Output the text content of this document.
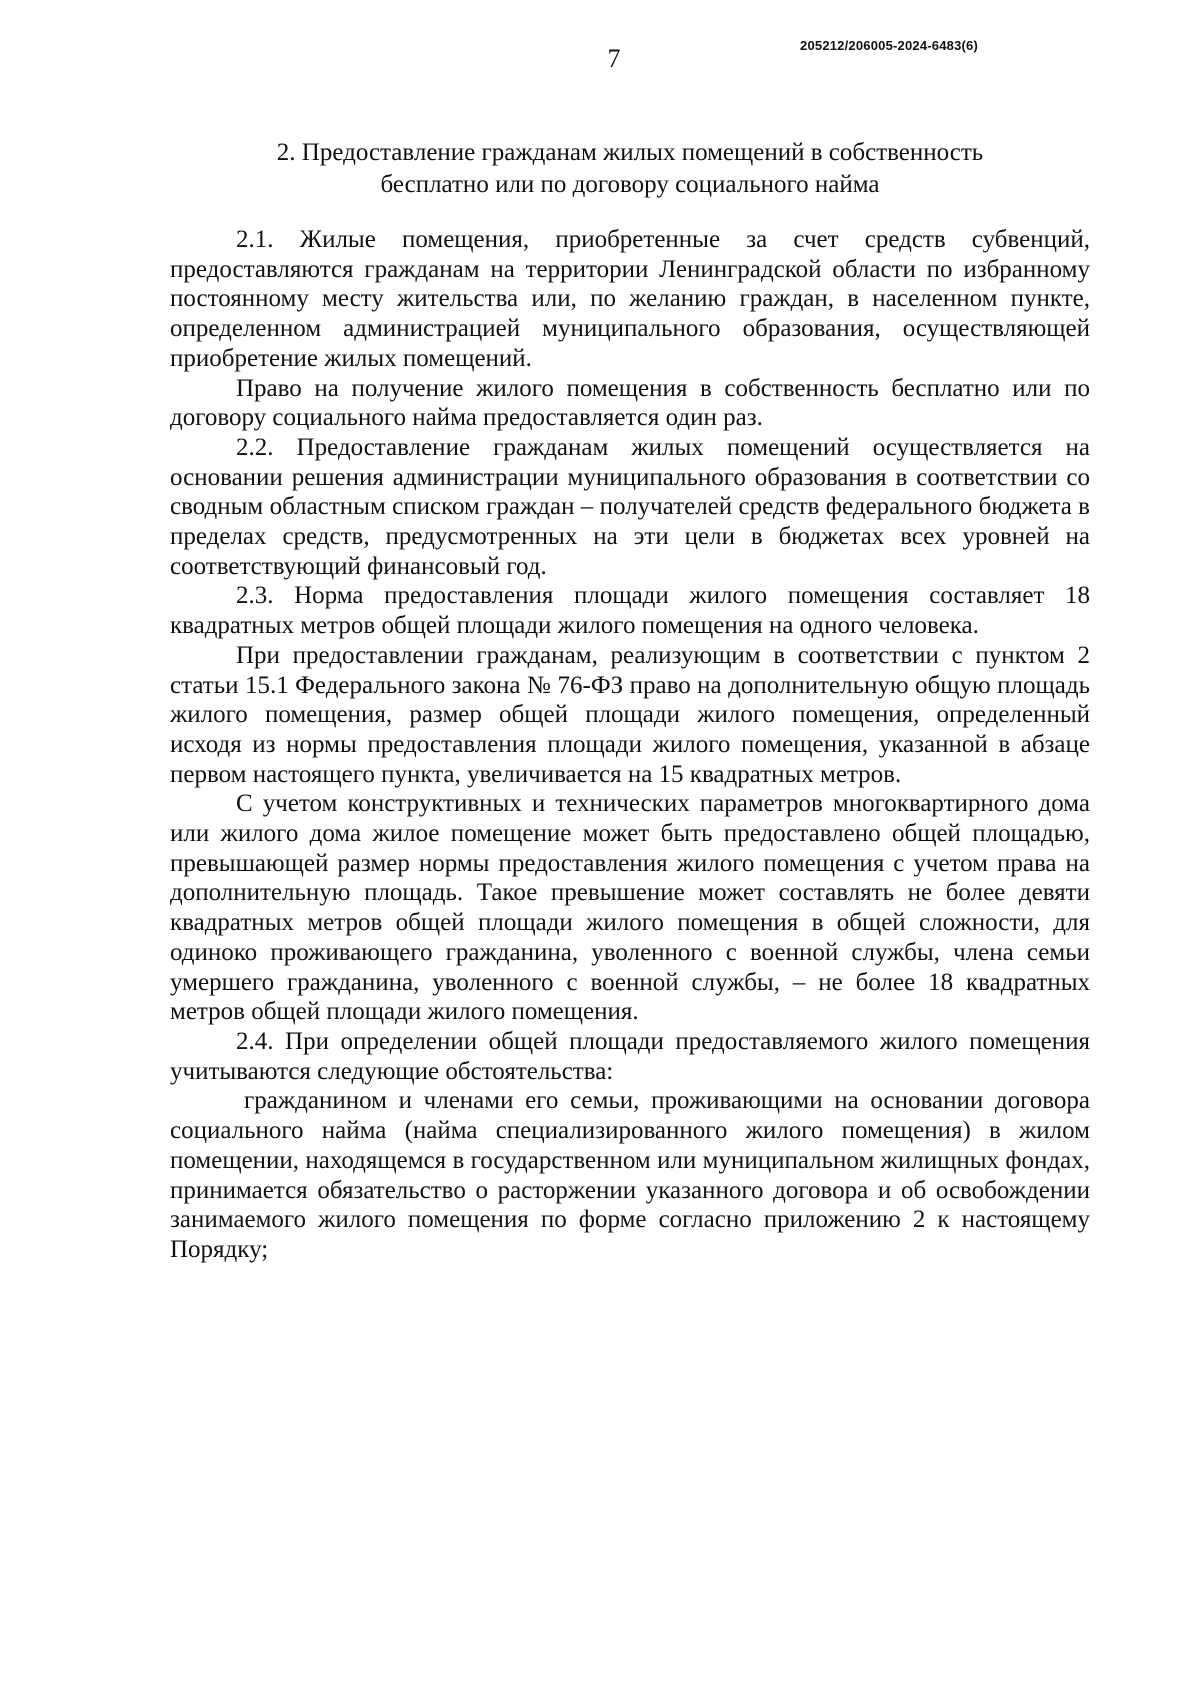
205212/206005-2024-6483(6)
7
2. Предоставление гражданам жилых помещений в собственность
бесплатно или по договору социального найма

2.1. Жилые помещения, приобретенные за счет средств субвенций, предоставляются гражданам на территории Ленинградской области по избранному постоянному месту жительства или, по желанию граждан, в населенном пункте, определенном администрацией муниципального образования, осуществляющей приобретение жилых помещений.

Право на получение жилого помещения в собственность бесплатно или по договору социального найма предоставляется один раз.

2.2. Предоставление гражданам жилых помещений осуществляется на основании решения администрации муниципального образования в соответствии со сводным областным списком граждан – получателей средств федерального бюджета в пределах средств, предусмотренных на эти цели в бюджетах всех уровней на соответствующий финансовый год.

2.3. Норма предоставления площади жилого помещения составляет 18 квадратных метров общей площади жилого помещения на одного человека.

При предоставлении гражданам, реализующим в соответствии с пунктом 2 статьи 15.1 Федерального закона № 76-ФЗ право на дополнительную общую площадь жилого помещения, размер общей площади жилого помещения, определенный исходя из нормы предоставления площади жилого помещения, указанной в абзаце первом настоящего пункта, увеличивается на 15 квадратных метров.

С учетом конструктивных и технических параметров многоквартирного дома или жилого дома жилое помещение может быть предоставлено общей площадью, превышающей размер нормы предоставления жилого помещения с учетом права на дополнительную площадь. Такое превышение может составлять не более девяти квадратных метров общей площади жилого помещения в общей сложности, для одиноко проживающего гражданина, уволенного с военной службы, члена семьи умершего гражданина, уволенного с военной службы, – не более 18 квадратных метров общей площади жилого помещения.

2.4. При определении общей площади предоставляемого жилого помещения учитываются следующие обстоятельства:

гражданином и членами его семьи, проживающими на основании договора социального найма (найма специализированного жилого помещения) в жилом помещении, находящемся в государственном или муниципальном жилищных фондах, принимается обязательство о расторжении указанного договора и об освобождении занимаемого жилого помещения по форме согласно приложению 2 к настоящему Порядку;
